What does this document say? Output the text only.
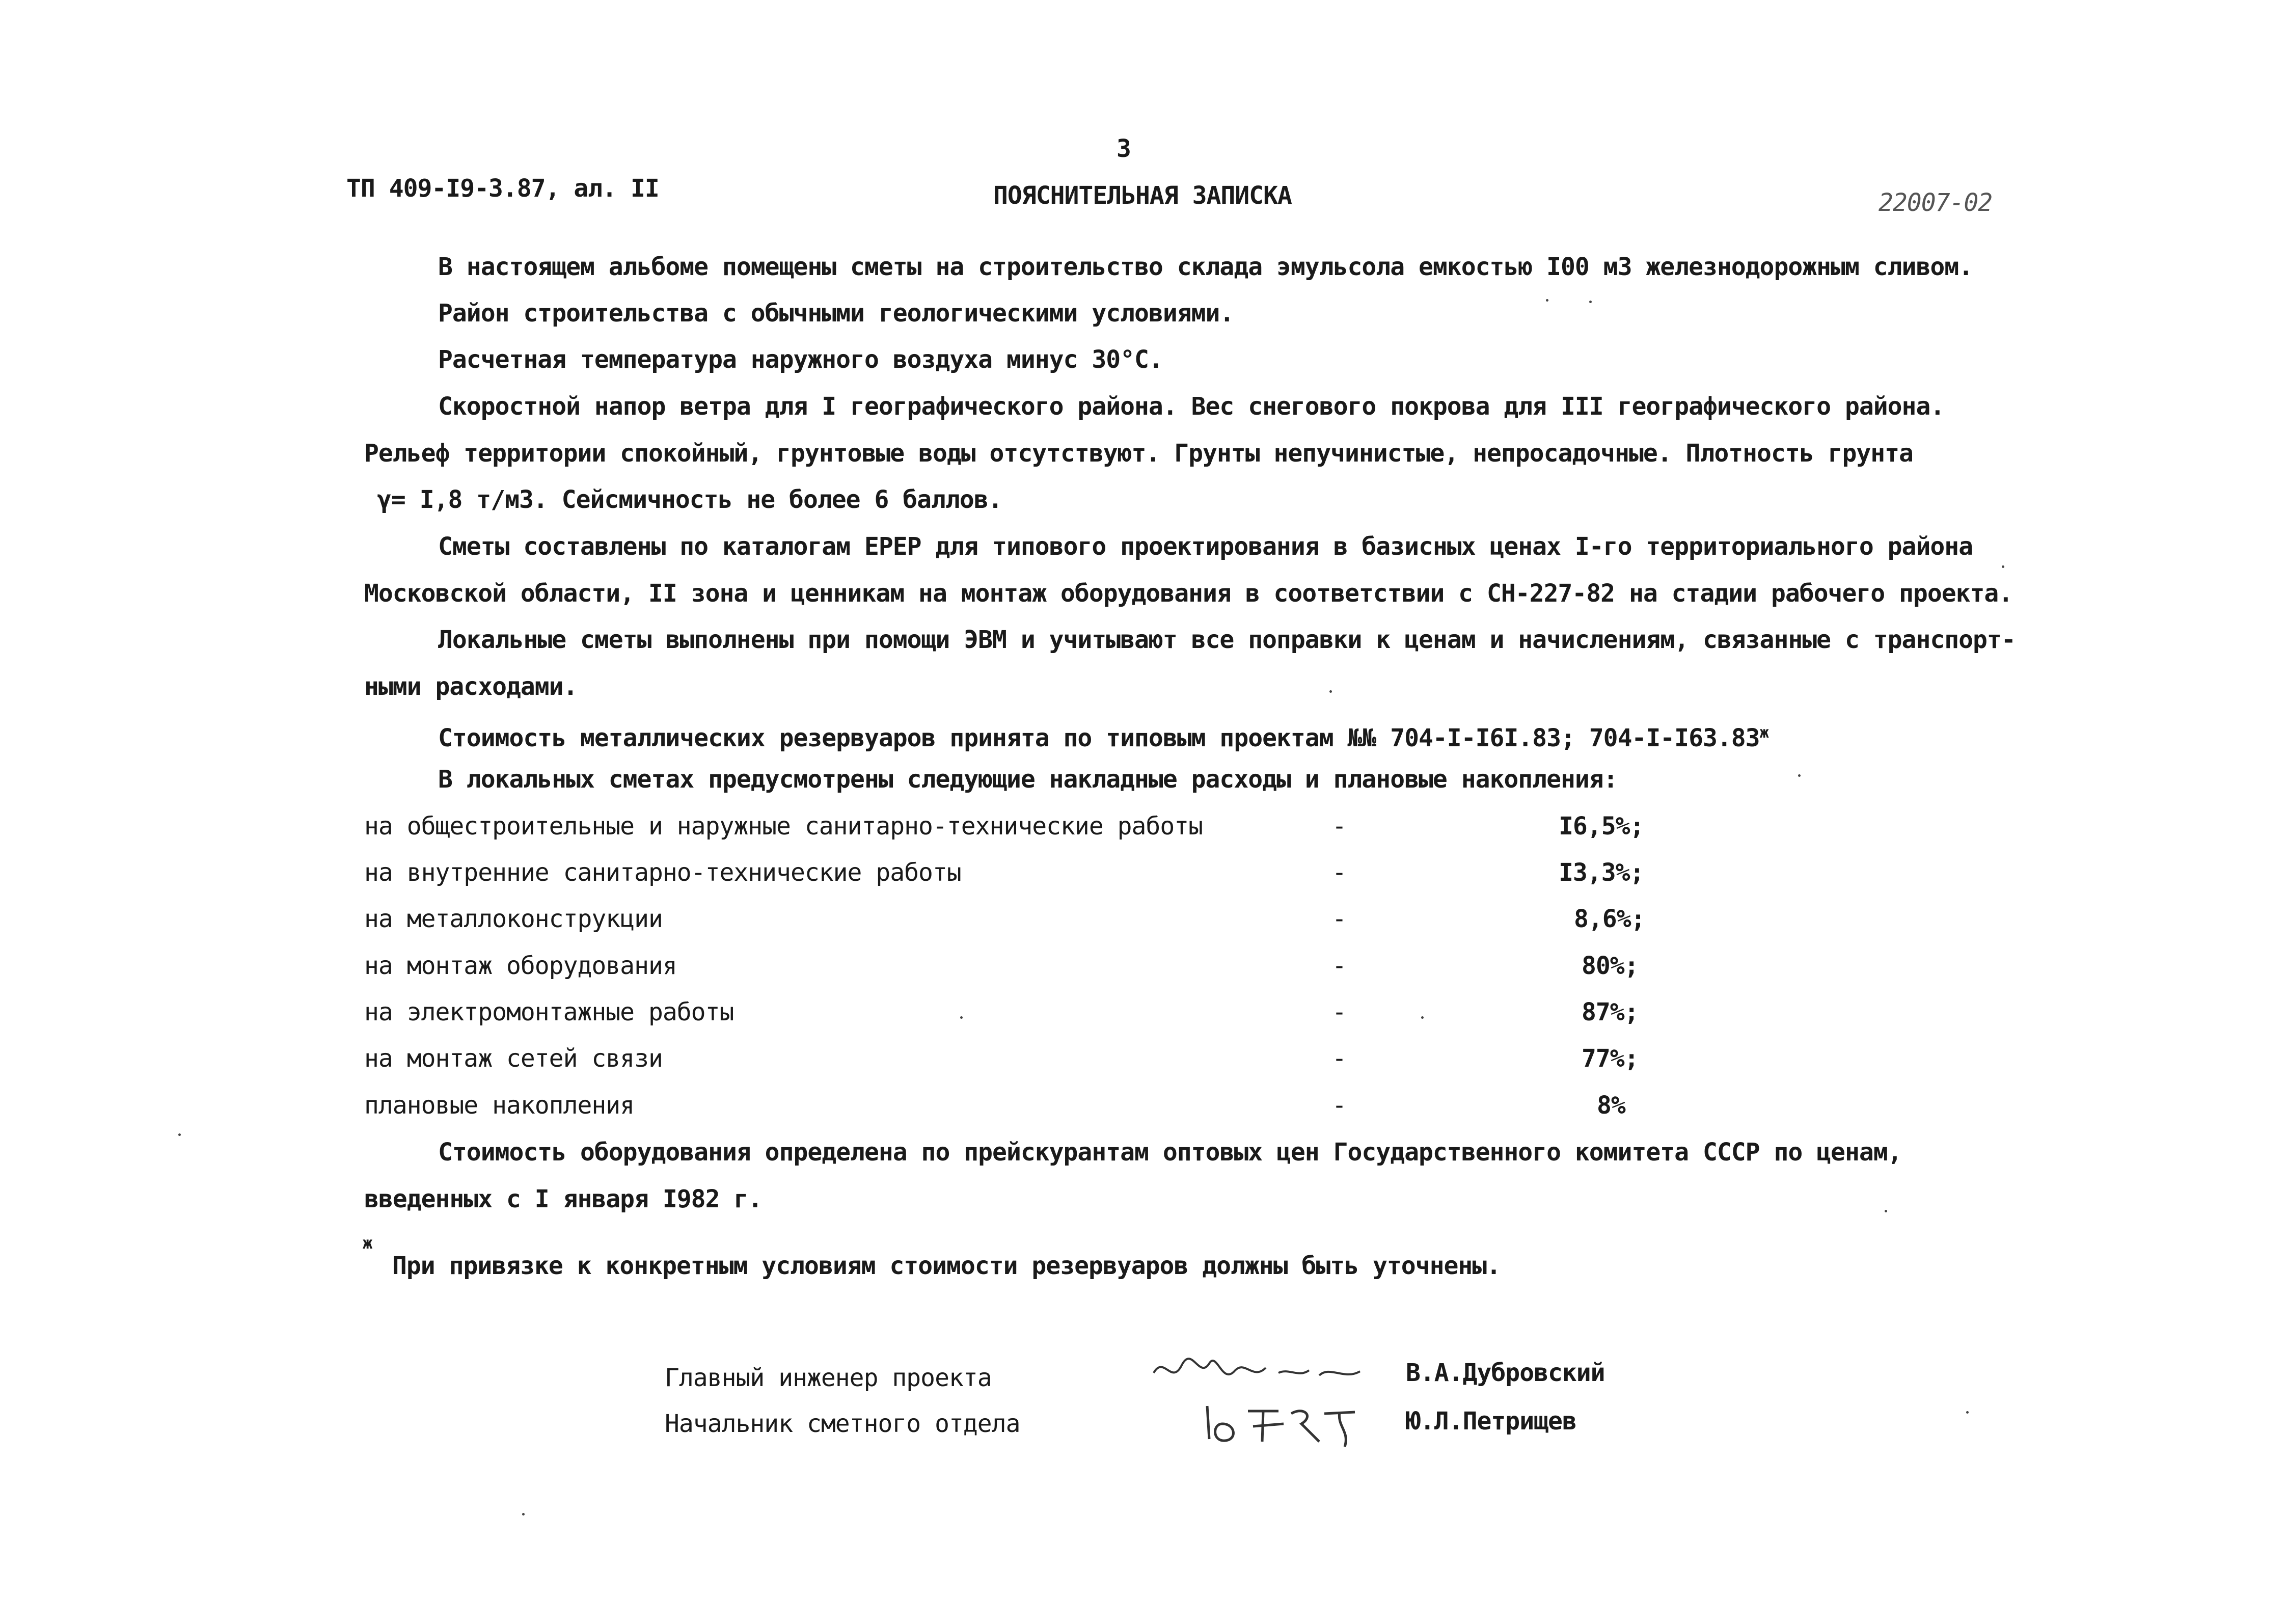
3
ТП 409-I9-3.87, ал. II	ПОЯСНИТЕЛЬНАЯ ЗАПИСКА	22007-02
В настоящем альбоме помещены сметы на строительство склада эмульсола емкостью I00 м3 железнодорожным сливом.
Район строительства с обычными геологическими условиями.
Расчетная температура наружного воздуха минус 30°С.
Скоростной напор ветра для I географического района. Вес снегового покрова для III географического района.
Рельеф территории спокойный, грунтовые воды отсутствуют. Грунты непучинистые, непросадочные. Плотность грунта
γ= I,8 т/м3. Сейсмичность не более 6 баллов.
Сметы составлены по каталогам ЕРЕР для типового проектирования в базисных ценах I-го территориального района
Московской области, II зона и ценникам на монтаж оборудования в соответствии с СН-227-82 на стадии рабочего проекта.
Локальные сметы выполнены при помощи ЭВМ и учитывают все поправки к ценам и начислениям, связанные с транспорт-
ными расходами.
Стоимость металлических резервуаров принята по типовым проектам №№ 704-I-I6I.83; $704-I-I63.83^ж$
В локальных сметах предусмотрены следующие накладные расходы и плановые накопления:
на общестроительные и наружные санитарно-технические работы	-	I6,5%;
на внутренние санитарно-технические работы	-	I3,3%;
на металлоконструкции	-	8,6%;
на монтаж оборудования	-	80%;
на электромонтажные работы	-	87%;
на монтаж сетей связи	-	77%;
плановые накопления	-	8%
Стоимость оборудования определена по прейскурантам оптовых цен Государственного комитета СССР по ценам,
введенных с I января I982 г.
ж
При привязке к конкретным условиям стоимости резервуаров должны быть уточнены.
Главный инженер проекта	В.А.Дубровский
Начальник сметного отдела	Ю.Л.Петрищев
